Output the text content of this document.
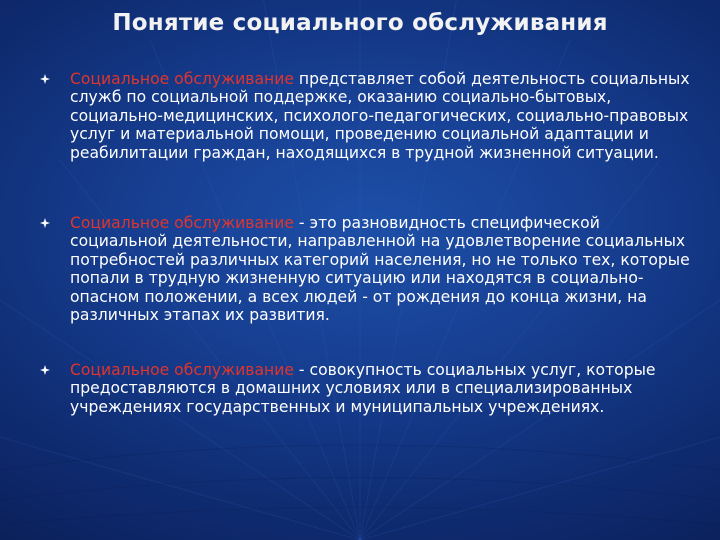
Понятие социального обслуживания
Социальное обслуживание представляет собой деятельность социальных служб по социальной поддержке, оказанию социально-бытовых, социально-медицинских, психолого-педагогических, социально-правовых услуг и материальной помощи, проведению социальной адаптации и реабилитации граждан, находящихся в трудной жизненной ситуации.
Социальное обслуживание - это разновидность специфической социальной деятельности, направленной на удовлетворение социальных потребностей различных категорий населения, но не только тех, которые попали в трудную жизненную ситуацию или находятся в социально-опасном положении, а всех людей - от рождения до конца жизни, на различных этапах их развития.
Социальное обслуживание - совокупность социальных услуг, которые предоставляются в домашних условиях или в специализированных учреждениях государственных и муниципальных учреждениях.
